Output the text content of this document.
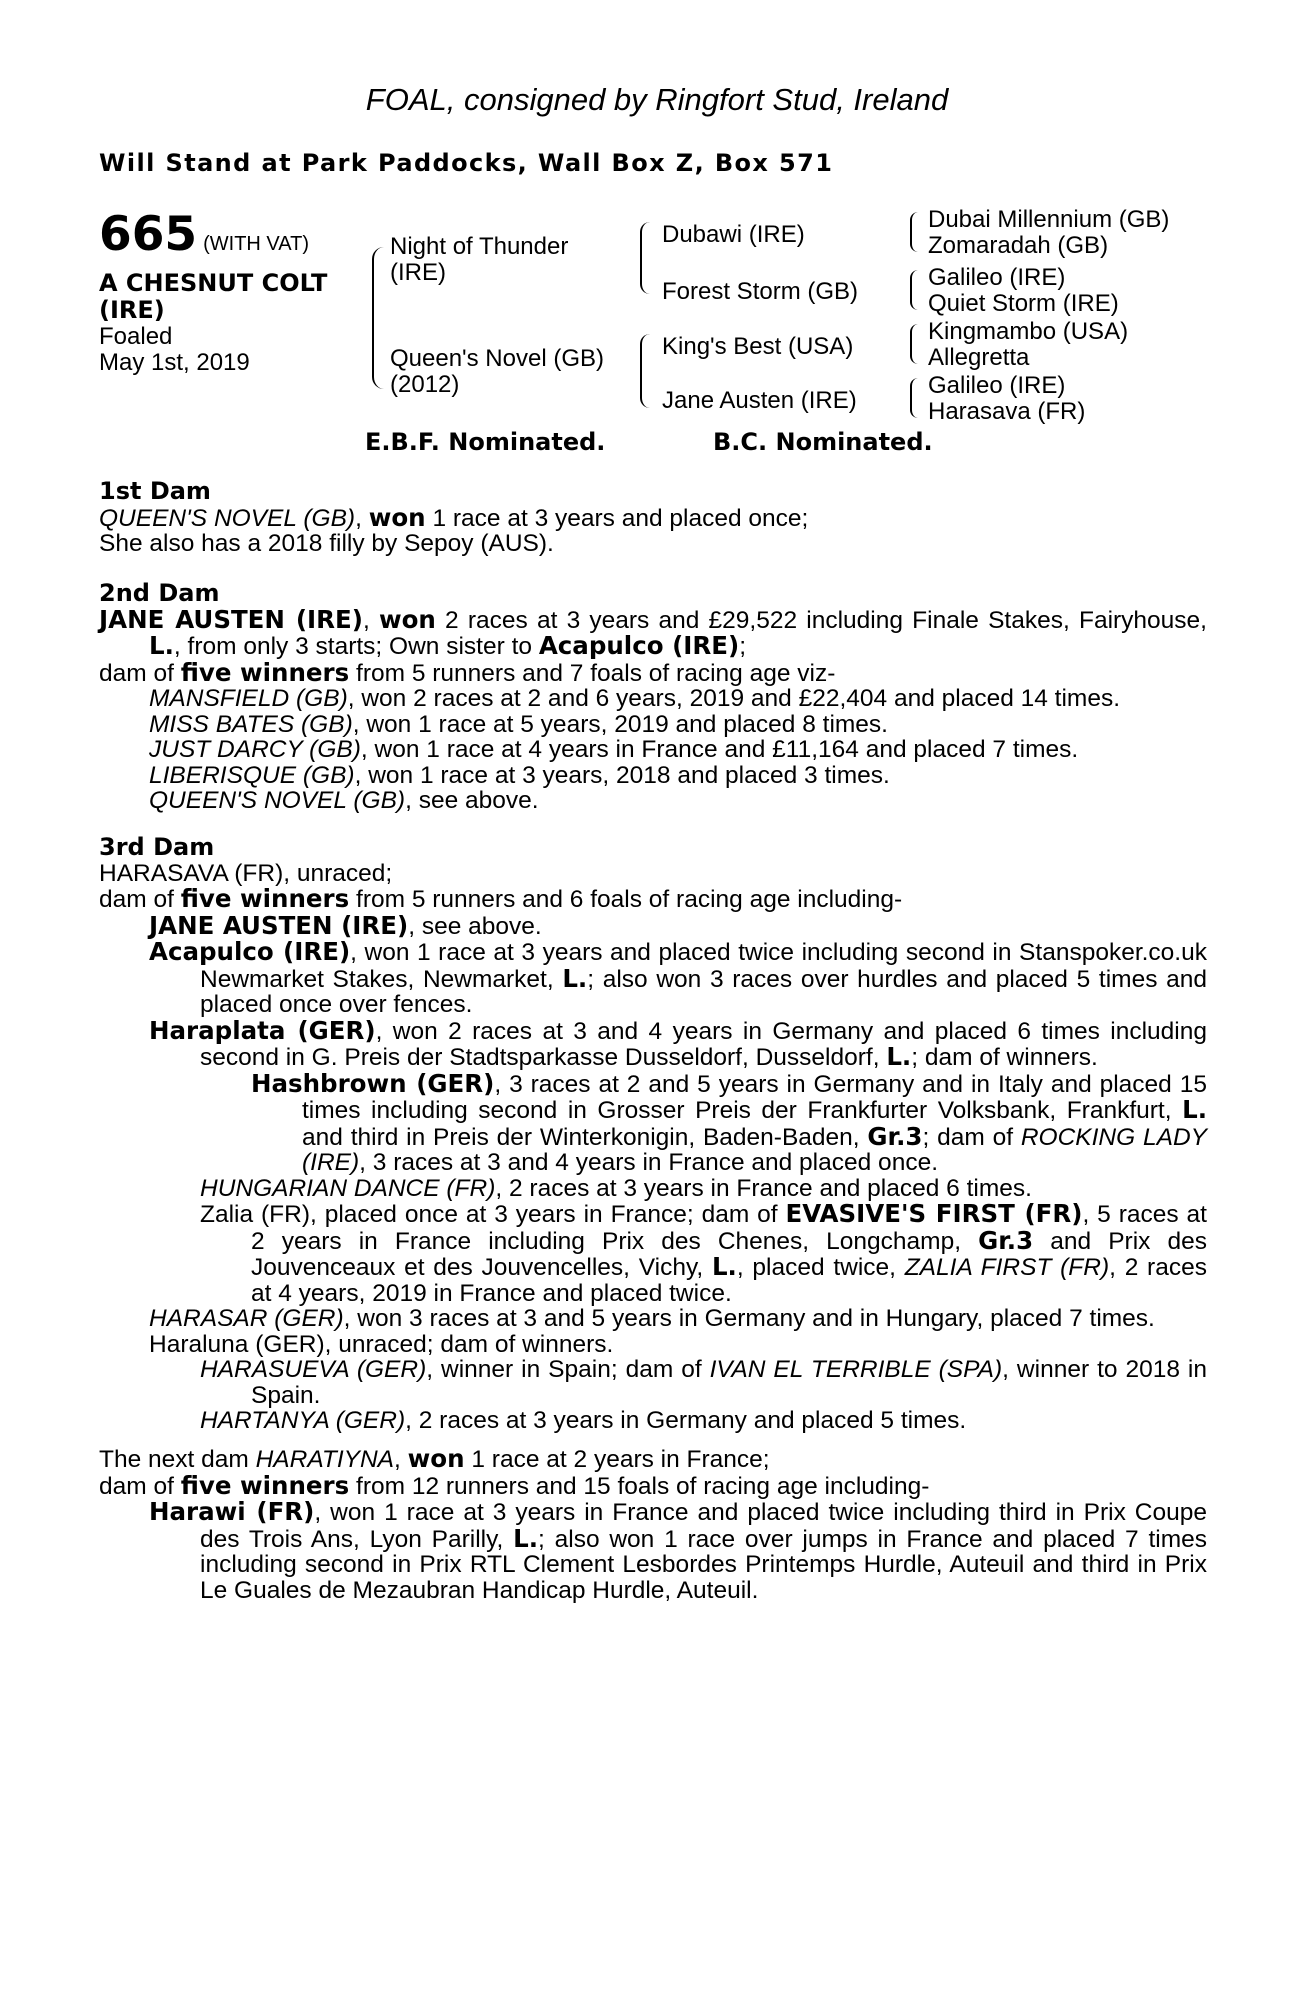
FOAL, consigned by Ringfort Stud, Ireland
Will Stand at Park Paddocks, Wall Box Z, Box 571
665 (WITH VAT)
A CHESNUT COLT
(IRE)
Foaled
May 1st, 2019
Night of Thunder
(IRE)
Queen's Novel (GB)
(2012)
Dubawi (IRE)
Forest Storm (GB)
King's Best (USA)
Jane Austen (IRE)
Dubai Millennium (GB)
Zomaradah (GB)
Galileo (IRE)
Quiet Storm (IRE)
Kingmambo (USA)
Allegretta
Galileo (IRE)
Harasava (FR)
E.B.F. Nominated.	B.C. Nominated.
1st Dam
QUEEN'S NOVEL (GB), won 1 race at 3 years and placed once;
She also has a 2018 filly by Sepoy (AUS).
2nd Dam
JANE AUSTEN (IRE), won 2 races at 3 years and £29,522 including Finale Stakes, Fairyhouse, L., from only 3 starts; Own sister to Acapulco (IRE);
dam of five winners from 5 runners and 7 foals of racing age viz-
MANSFIELD (GB), won 2 races at 2 and 6 years, 2019 and £22,404 and placed 14 times.
MISS BATES (GB), won 1 race at 5 years, 2019 and placed 8 times.
JUST DARCY (GB), won 1 race at 4 years in France and £11,164 and placed 7 times.
LIBERISQUE (GB), won 1 race at 3 years, 2018 and placed 3 times.
QUEEN'S NOVEL (GB), see above.
3rd Dam
HARASAVA (FR), unraced;
dam of five winners from 5 runners and 6 foals of racing age including-
JANE AUSTEN (IRE), see above.
Acapulco (IRE), won 1 race at 3 years and placed twice including second in Stanspoker.co.uk Newmarket Stakes, Newmarket, L.; also won 3 races over hurdles and placed 5 times and placed once over fences.
Haraplata (GER), won 2 races at 3 and 4 years in Germany and placed 6 times including second in G. Preis der Stadtsparkasse Dusseldorf, Dusseldorf, L.; dam of winners.
Hashbrown (GER), 3 races at 2 and 5 years in Germany and in Italy and placed 15 times including second in Grosser Preis der Frankfurter Volksbank, Frankfurt, L. and third in Preis der Winterkonigin, Baden-Baden, Gr.3; dam of ROCKING LADY (IRE), 3 races at 3 and 4 years in France and placed once.
HUNGARIAN DANCE (FR), 2 races at 3 years in France and placed 6 times.
Zalia (FR), placed once at 3 years in France; dam of EVASIVE'S FIRST (FR), 5 races at 2 years in France including Prix des Chenes, Longchamp, Gr.3 and Prix des Jouvenceaux et des Jouvencelles, Vichy, L., placed twice, ZALIA FIRST (FR), 2 races at 4 years, 2019 in France and placed twice.
HARASAR (GER), won 3 races at 3 and 5 years in Germany and in Hungary, placed 7 times.
Haraluna (GER), unraced; dam of winners.
HARASUEVA (GER), winner in Spain; dam of IVAN EL TERRIBLE (SPA), winner to 2018 in Spain.
HARTANYA (GER), 2 races at 3 years in Germany and placed 5 times.
The next dam HARATIYNA, won 1 race at 2 years in France;
dam of five winners from 12 runners and 15 foals of racing age including-
Harawi (FR), won 1 race at 3 years in France and placed twice including third in Prix Coupe des Trois Ans, Lyon Parilly, L.; also won 1 race over jumps in France and placed 7 times including second in Prix RTL Clement Lesbordes Printemps Hurdle, Auteuil and third in Prix Le Guales de Mezaubran Handicap Hurdle, Auteuil.
